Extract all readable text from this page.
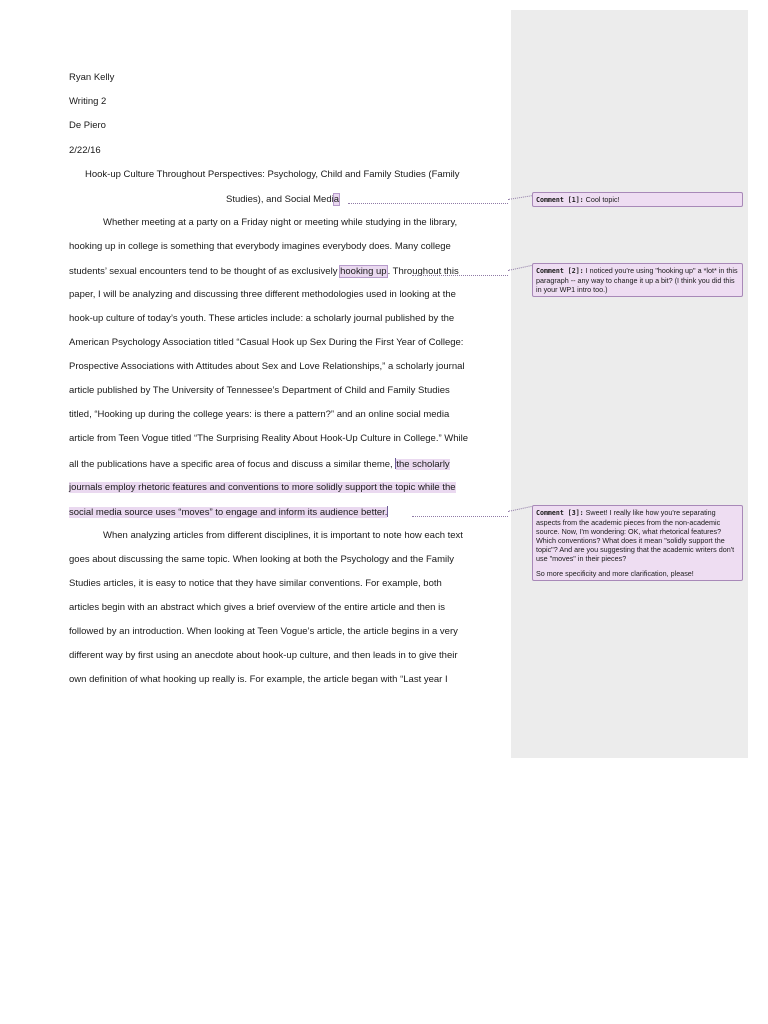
Ryan Kelly
Writing 2
De Piero
2/22/16
Hook-up Culture Throughout Perspectives: Psychology, Child and Family Studies (Family
Studies), and Social Media
Whether meeting at a party on a Friday night or meeting while studying in the library,
hooking up in college is something that everybody imagines everybody does. Many college
students’ sexual encounters tend to be thought of as exclusively hooking up. Throughout this
paper, I will be analyzing and discussing three different methodologies used in looking at the
hook-up culture of today’s youth. These articles include: a scholarly journal published by the
American Psychology Association titled “Casual Hook up Sex During the First Year of College:
Prospective Associations with Attitudes about Sex and Love Relationships,” a scholarly journal
article published by The University of Tennessee’s Department of Child and Family Studies
titled, “Hooking up during the college years: is there a pattern?” and an online social media
article from Teen Vogue titled “The Surprising Reality About Hook-Up Culture in College.” While
all the publications have a specific area of focus and discuss a similar theme, the scholarly
journals employ rhetoric features and conventions to more solidly support the topic while the
social media source uses “moves” to engage and inform its audience better.
When analyzing articles from different disciplines, it is important to note how each text
goes about discussing the same topic. When looking at both the Psychology and the Family
Studies articles, it is easy to notice that they have similar conventions. For example, both
articles begin with an abstract which gives a brief overview of the entire article and then is
followed by an introduction. When looking at Teen Vogue’s article, the article begins in a very
different way by first using an anecdote about hook-up culture, and then leads in to give their
own definition of what hooking up really is. For example, the article began with “Last year I
Comment [1]: Cool topic!
Comment [2]: I noticed you're using "hooking up" a *lot* in this paragraph -- any way to change it up a bit? (I think you did this in your WP1 intro too.)
Comment [3]: Sweet! I really like how you're separating aspects from the academic pieces from the non-academic source. Now, I'm wondering: OK, what rhetorical features? Which conventions? What does it mean "solidly support the topic"? And are you suggesting that the academic writers don't use "moves" in their pieces?
So more specificity and more clarification, please!
